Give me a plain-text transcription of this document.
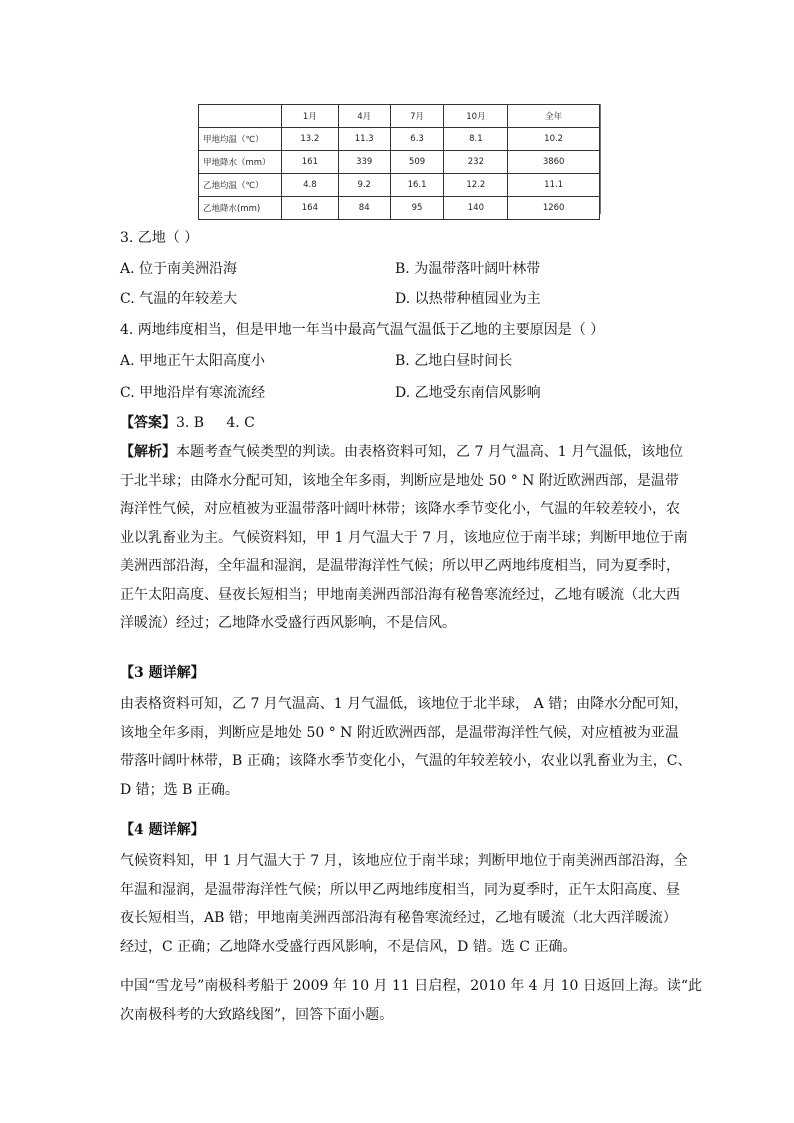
	1月	4月	7月	10月	全年
甲地均温（℃）	13.2	11.3	6.3	8.1	10.2
甲地降水（mm）	161	339	509	232	3860
乙地均温（℃）	4.8	9.2	16.1	12.2	11.1
乙地降水(mm)	164	84	95	140	1260
3. 乙地（ ）
A. 位于南美洲沿海	B. 为温带落叶阔叶林带
C. 气温的年较差大	D. 以热带种植园业为主
4. 两地纬度相当，但是甲地一年当中最高气温气温低于乙地的主要原因是（ ）
A. 甲地正午太阳高度小	B. 乙地白昼时间长
C. 甲地沿岸有寒流流经	D. 乙地受东南信风影响
【答案】3. B     4. C
【解析】本题考查气候类型的判读。由表格资料可知，乙 7 月气温高、1 月气温低，该地位
于北半球；由降水分配可知，该地全年多雨，判断应是地处 50 ° N 附近欧洲西部，是温带
海洋性气候，对应植被为亚温带落叶阔叶林带；该降水季节变化小，气温的年较差较小，农
业以乳畜业为主。气候资料知，甲 1 月气温大于 7 月，该地应位于南半球；判断甲地位于南
美洲西部沿海，全年温和湿润，是温带海洋性气候；所以甲乙两地纬度相当，同为夏季时，
正午太阳高度、昼夜长短相当；甲地南美洲西部沿海有秘鲁寒流经过，乙地有暖流（北大西
洋暖流）经过；乙地降水受盛行西风影响，不是信风。
【3 题详解】
由表格资料可知，乙 7 月气温高、1 月气温低，该地位于北半球， A 错；由降水分配可知，
该地全年多雨，判断应是地处 50 ° N 附近欧洲西部，是温带海洋性气候，对应植被为亚温
带落叶阔叶林带，B 正确；该降水季节变化小，气温的年较差较小，农业以乳畜业为主，C、
D 错；选 B 正确。
【4 题详解】
气候资料知，甲 1 月气温大于 7 月，该地应位于南半球；判断甲地位于南美洲西部沿海，全
年温和湿润，是温带海洋性气候；所以甲乙两地纬度相当，同为夏季时，正午太阳高度、昼
夜长短相当，AB 错；甲地南美洲西部沿海有秘鲁寒流经过，乙地有暖流（北大西洋暖流）
经过，C 正确；乙地降水受盛行西风影响，不是信风，D 错。选 C 正确。
中国“雪龙号”南极科考船于 2009 年 10 月 11 日启程，2010 年 4 月 10 日返回上海。读“此
次南极科考的大致路线图”，回答下面小题。
